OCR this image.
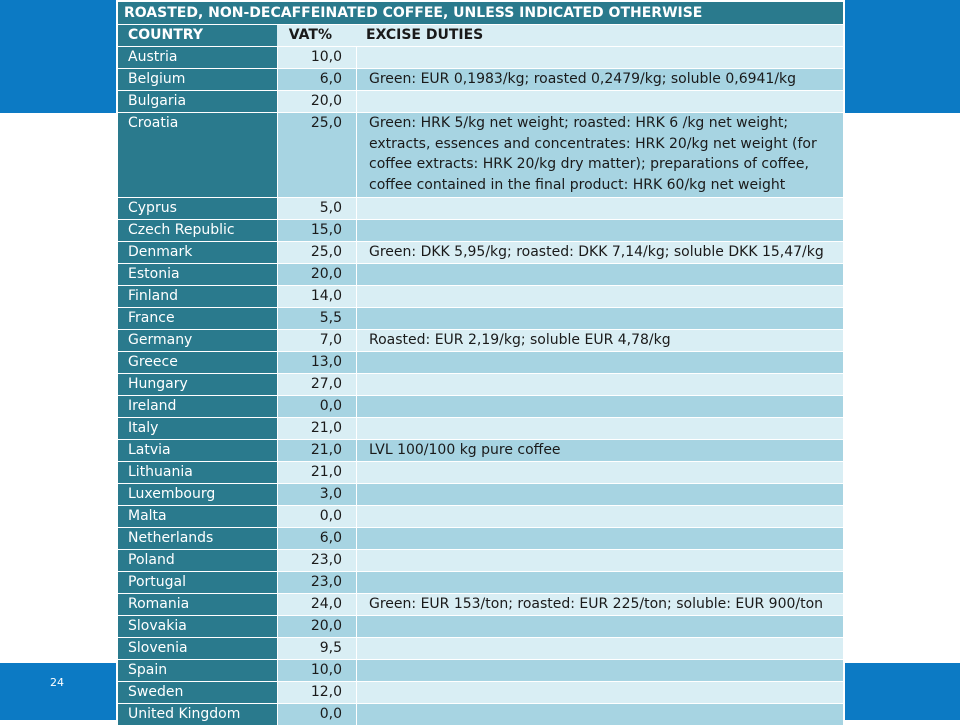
24
ROASTED, NON-DECAFFEINATED COFFEE, UNLESS INDICATED OTHERWISE
COUNTRY	VAT%	EXCISE DUTIES
Austria	10,0
Belgium	6,0	Green: EUR 0,1983/kg; roasted 0,2479/kg; soluble 0,6941/kg
Bulgaria	20,0
Croatia	25,0	Green: HRK 5/kg net weight; roasted: HRK 6 /kg net weight; extracts, essences and concentrates: HRK 20/kg net weight (for coffee extracts: HRK 20/kg dry matter); preparations of coffee, coffee contained in the final product: HRK 60/kg net weight
Cyprus	5,0
Czech Republic	15,0
Denmark	25,0	Green: DKK 5,95/kg; roasted: DKK 7,14/kg; soluble DKK 15,47/kg
Estonia	20,0
Finland	14,0
France	5,5
Germany	7,0	Roasted: EUR 2,19/kg; soluble EUR 4,78/kg
Greece	13,0
Hungary	27,0
Ireland	0,0
Italy	21,0
Latvia	21,0	LVL 100/100 kg pure coffee
Lithuania	21,0
Luxembourg	3,0
Malta	0,0
Netherlands	6,0
Poland	23,0
Portugal	23,0
Romania	24,0	Green: EUR 153/ton; roasted: EUR 225/ton; soluble: EUR 900/ton
Slovakia	20,0
Slovenia	9,5
Spain	10,0
Sweden	12,0
United Kingdom	0,0
